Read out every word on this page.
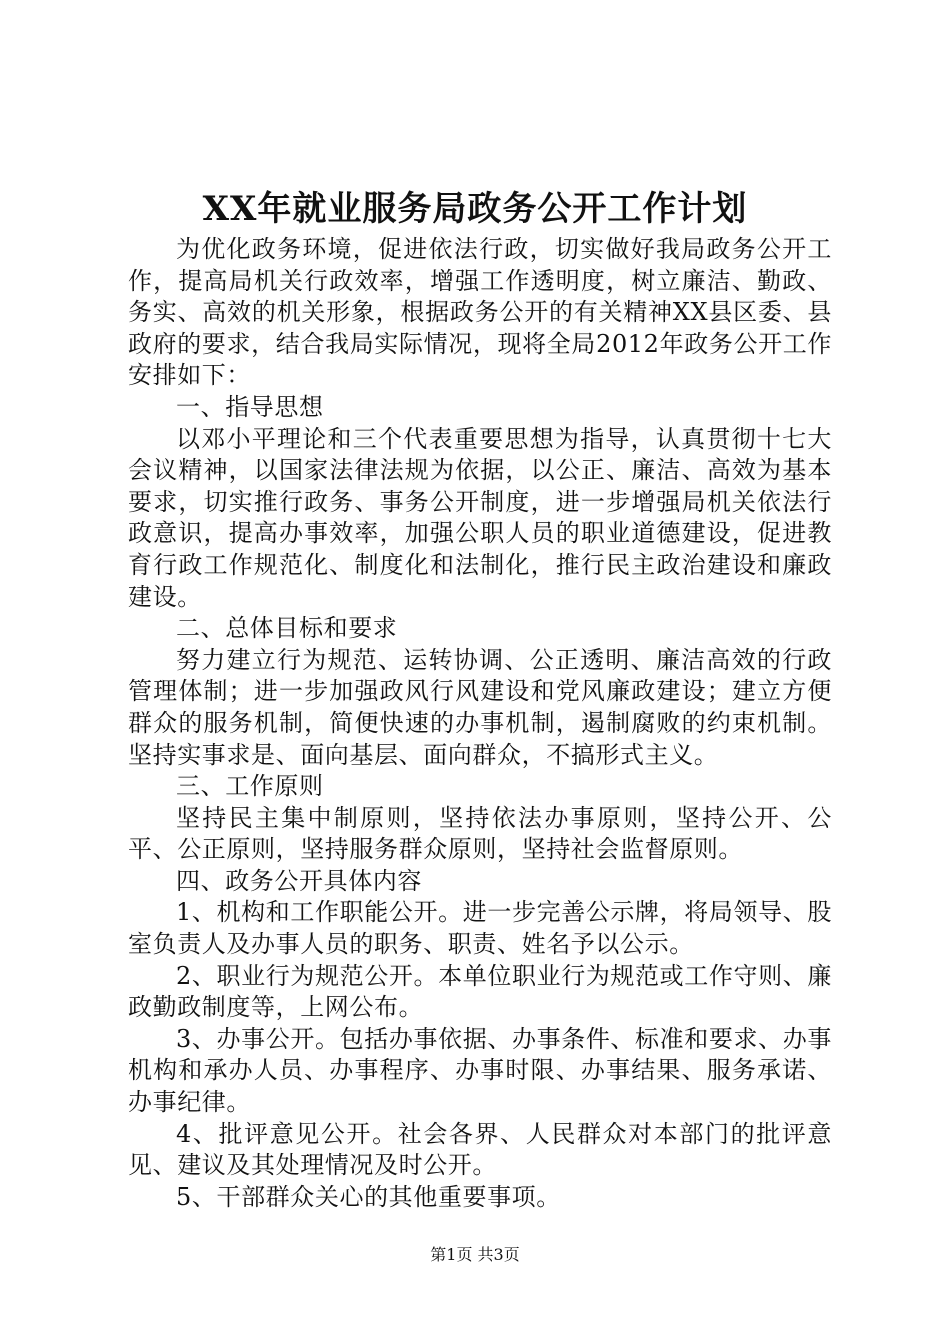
XX年就业服务局政务公开工作计划

为优化政务环境，促进依法行政，切实做好我局政务公开工作，提高局机关行政效率，增强工作透明度，树立廉洁、勤政、务实、高效的机关形象，根据政务公开的有关精神XX县区委、县政府的要求，结合我局实际情况，现将全局2012年政务公开工作安排如下：

一、指导思想

以邓小平理论和三个代表重要思想为指导，认真贯彻十七大会议精神，以国家法律法规为依据，以公正、廉洁、高效为基本要求，切实推行政务、事务公开制度，进一步增强局机关依法行政意识，提高办事效率，加强公职人员的职业道德建设，促进教育行政工作规范化、制度化和法制化，推行民主政治建设和廉政建设。

二、总体目标和要求

努力建立行为规范、运转协调、公正透明、廉洁高效的行政管理体制；进一步加强政风行风建设和党风廉政建设；建立方便群众的服务机制，简便快速的办事机制，遏制腐败的约束机制。坚持实事求是、面向基层、面向群众，不搞形式主义。

三、工作原则

坚持民主集中制原则，坚持依法办事原则，坚持公开、公平、公正原则，坚持服务群众原则，坚持社会监督原则。

四、政务公开具体内容

1、机构和工作职能公开。进一步完善公示牌，将局领导、股室负责人及办事人员的职务、职责、姓名予以公示。

2、职业行为规范公开。本单位职业行为规范或工作守则、廉政勤政制度等，上网公布。

3、办事公开。包括办事依据、办事条件、标准和要求、办事机构和承办人员、办事程序、办事时限、办事结果、服务承诺、办事纪律。

4、批评意见公开。社会各界、人民群众对本部门的批评意见、建议及其处理情况及时公开。

5、干部群众关心的其他重要事项。

第1页 共3页
